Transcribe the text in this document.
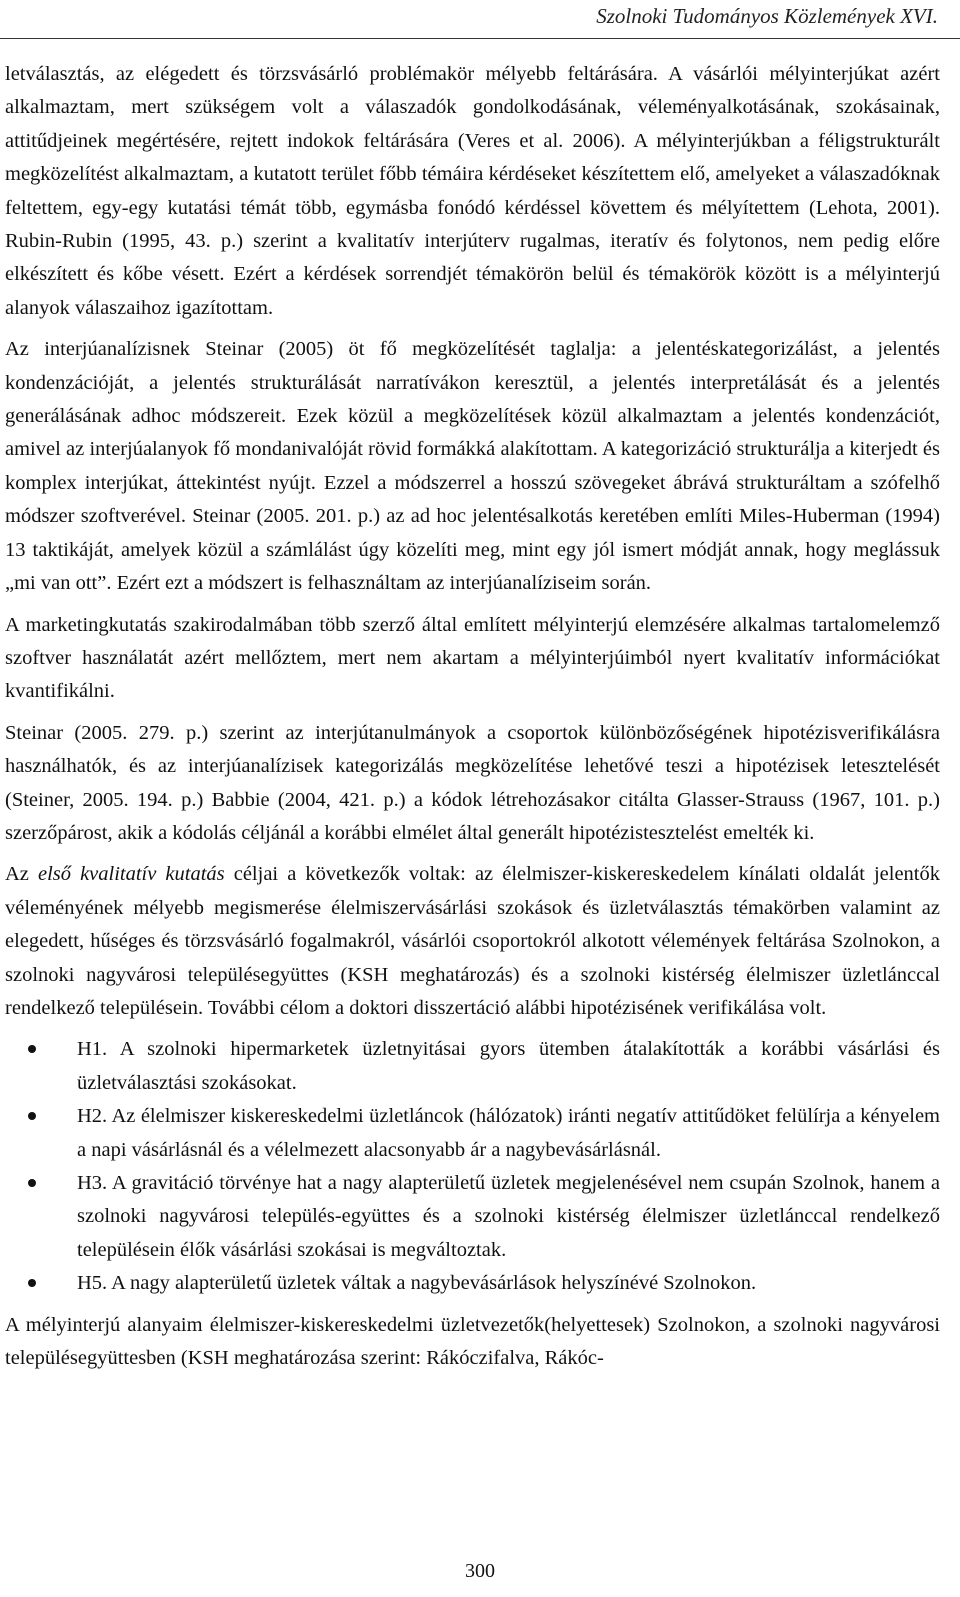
Szolnoki Tudományos Közlemények XVI.

letválasztás, az elégedett és törzsvásárló problémakör mélyebb feltárására. A vásárlói mélyinterjúkat azért alkalmaztam, mert szükségem volt a válaszadók gondolkodásának, véleményalkotásának, szokásainak, attitűdjeinek megértésére, rejtett indokok feltárására (Veres et al. 2006). A mélyinterjúkban a féligstrukturált megközelítést alkalmaztam, a kutatott terület főbb témáira kérdéseket készítettem elő, amelyeket a válaszadóknak feltettem, egy-egy kutatási témát több, egymásba fonódó kérdéssel követtem és mélyítettem (Lehota, 2001). Rubin-Rubin (1995, 43. p.) szerint a kvalitatív interjúterv rugalmas, iteratív és folytonos, nem pedig előre elkészített és kőbe vésett. Ezért a kérdések sorrendjét témakörön belül és témakörök között is a mélyinterjú alanyok válaszaihoz igazítottam.

Az interjúanalízisnek Steinar (2005) öt fő megközelítését taglalja: a jelentéskategorizálást, a jelentés kondenzációját, a jelentés strukturálását narratívákon keresztül, a jelentés interpretálását és a jelentés generálásának adhoc módszereit. Ezek közül a megközelítések közül alkalmaztam a jelentés kondenzációt, amivel az interjúalanyok fő mondanivalóját rövid formákká alakítottam. A kategorizáció strukturálja a kiterjedt és komplex interjúkat, áttekintést nyújt. Ezzel a módszerrel a hosszú szövegeket ábrává strukturáltam a szófelhő módszer szoftverével. Steinar (2005. 201. p.) az ad hoc jelentésalkotás keretében említi Miles-Huberman (1994) 13 taktikáját, amelyek közül a számlálást úgy közelíti meg, mint egy jól ismert módját annak, hogy meglássuk „mi van ott”. Ezért ezt a módszert is felhasználtam az interjúanalíziseim során.

A marketingkutatás szakirodalmában több szerző által említett mélyinterjú elemzésére alkalmas tartalomelemző szoftver használatát azért mellőztem, mert nem akartam a mélyinterjúimból nyert kvalitatív információkat kvantifikálni.

Steinar (2005. 279. p.) szerint az interjútanulmányok a csoportok különbözőségének hipotézisverifikálásra használhatók, és az interjúanalízisek kategorizálás megközelítése lehetővé teszi a hipotézisek letesztelését (Steiner, 2005. 194. p.) Babbie (2004, 421. p.) a kódok létrehozásakor citálta Glasser-Strauss (1967, 101. p.) szerzőpárost, akik a kódolás céljánál a korábbi elmélet által generált hipotézistesztelést emelték ki.

Az első kvalitatív kutatás céljai a következők voltak: az élelmiszer-kiskereskedelem kínálati oldalát jelentők véleményének mélyebb megismerése élelmiszervásárlási szokások és üzletválasztás témakörben valamint az elegedett, hűséges és törzsvásárló fogalmakról, vásárlói csoportokról alkotott vélemények feltárása Szolnokon, a szolnoki nagyvárosi településegyüttes (KSH meghatározás) és a szolnoki kistérség élelmiszer üzletlánccal rendelkező településein. További célom a doktori disszertáció alábbi hipotézisének verifikálása volt.

H1. A szolnoki hipermarketek üzletnyitásai gyors ütemben átalakították a korábbi vásárlási és üzletválasztási szokásokat.
H2. Az élelmiszer kiskereskedelmi üzletláncok (hálózatok) iránti negatív attitűdöket felülírja a kényelem a napi vásárlásnál és a vélelmezett alacsonyabb ár a nagybevásárlásnál.
H3. A gravitáció törvénye hat a nagy alapterületű üzletek megjelenésével nem csupán Szolnok, hanem a szolnoki nagyvárosi település-együttes és a szolnoki kistérség élelmiszer üzletlánccal rendelkező településein élők vásárlási szokásai is megváltoztak.
H5. A nagy alapterületű üzletek váltak a nagybevásárlások helyszínévé Szolnokon.

A mélyinterjú alanyaim élelmiszer-kiskereskedelmi üzletvezetők(helyettesek) Szolnokon, a szolnoki nagyvárosi településegyüttesben (KSH meghatározása szerint: Rákóczifalva, Rákóc-

300
